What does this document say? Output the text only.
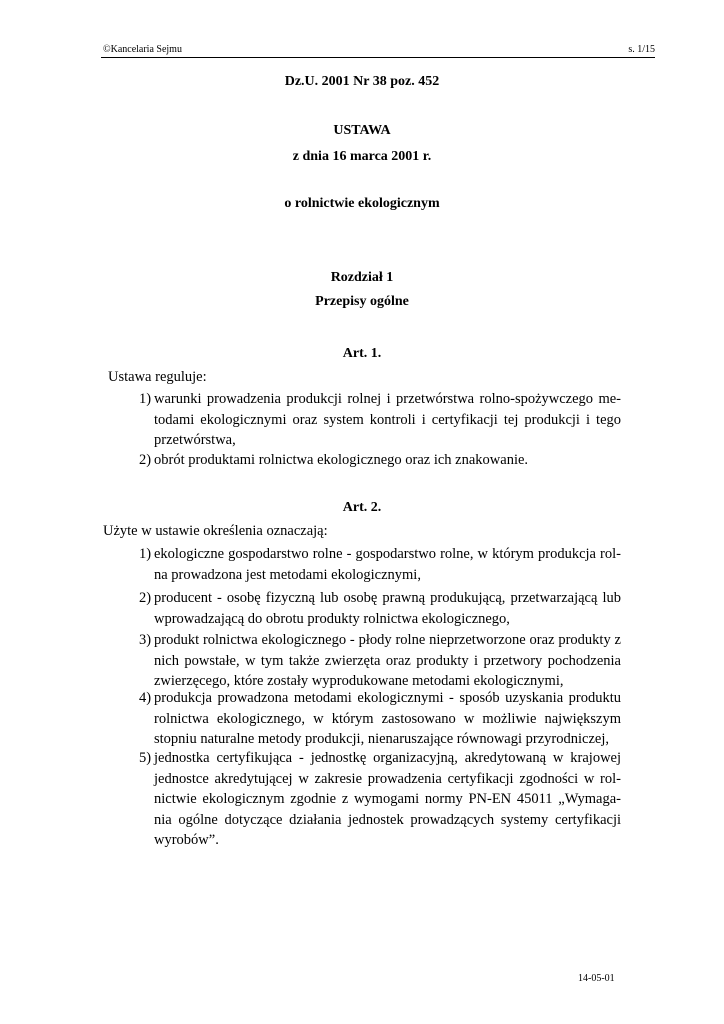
©Kancelaria Sejmu	s. 1/15
Dz.U. 2001 Nr 38 poz. 452
USTAWA
z dnia 16 marca 2001 r.
o rolnictwie ekologicznym
Rozdział 1
Przepisy ogólne
Art. 1.
Ustawa reguluje:
1) warunki prowadzenia produkcji rolnej i przetwórstwa rolno-spożywczego me-
todami ekologicznymi oraz system kontroli i certyfikacji tej produkcji i tego
przetwórstwa,
2) obrót produktami rolnictwa ekologicznego oraz ich znakowanie.
Art. 2.
Użyte w ustawie określenia oznaczają:
1) ekologiczne gospodarstwo rolne - gospodarstwo rolne, w którym produkcja rol-
na prowadzona jest metodami ekologicznymi,
2) producent - osobę fizyczną lub osobę prawną produkującą, przetwarzającą lub
wprowadzającą do obrotu produkty rolnictwa ekologicznego,
3) produkt rolnictwa ekologicznego - płody rolne nieprzetworzone oraz produkty z
nich powstałe, w tym także zwierzęta oraz produkty i przetwory pochodzenia
zwierzęcego, które zostały wyprodukowane metodami ekologicznymi,
4) produkcja prowadzona metodami ekologicznymi - sposób uzyskania produktu
rolnictwa ekologicznego, w którym zastosowano w możliwie największym
stopniu naturalne metody produkcji, nienaruszające równowagi przyrodniczej,
5) jednostka certyfikująca - jednostkę organizacyjną, akredytowaną w krajowej
jednostce akredytującej w zakresie prowadzenia certyfikacji zgodności w rol-
nictwie ekologicznym zgodnie z wymogami normy PN-EN 45011 „Wymaga-
nia ogólne dotyczące działania jednostek prowadzących systemy certyfikacji
wyrobów”.
14-05-01
